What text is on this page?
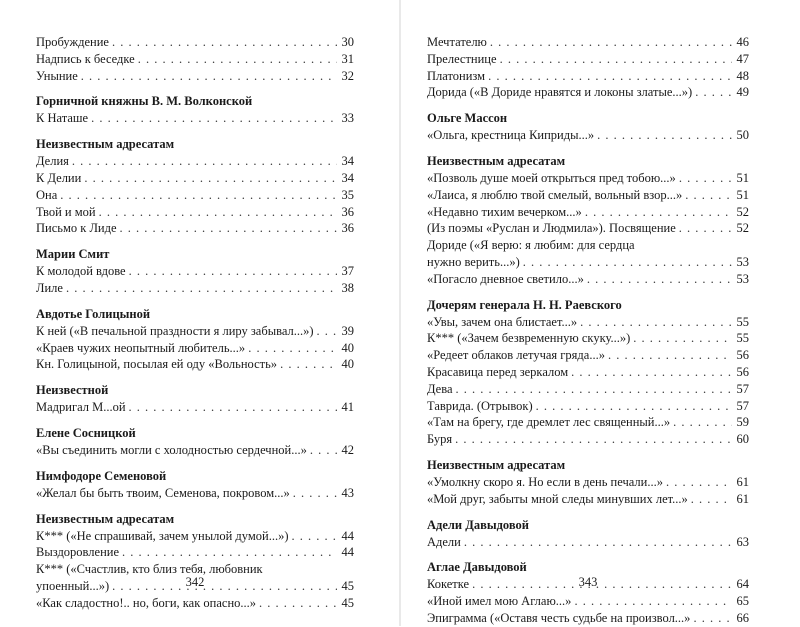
Пробуждение . . .	30
Надпись к беседке . . .	31
Уныние . . .	32
Горничной княжны В. М. Волконской
К Наташе . . .	33
Неизвестным адресатам
Делия . . .	34
К Делии . . .	34
Она . . .	35
Твой и мой . . .	36
Письмо к Лиде . . .	36
Марии Смит
К молодой вдове . . .	37
Лиле . . .	38
Авдотье Голицыной
К ней («В печальной праздности я лиру забывал...») . . . 39
«Краев чужих неопытный любитель...» . . .	40
Кн. Голицыной, посылая ей оду «Вольность» . . .	40
Неизвестной
Мадригал М...ой . . .	41
Елене Сосницкой
«Вы съединить могли с холодностью сердечной...» . . .	42
Нимфодоре Семеновой
«Желал бы быть твоим, Семенова, покровом...» . . .	43
Неизвестным адресатам
К*** («Не спрашивай, зачем унылой думой...») . . .	44
Выздоровление . . .	44
К*** («Счастлив, кто близ тебя, любовник
упоенный...») . . .	45
«Как сладостно!.. но, боги, как опасно...» . . .	45
342
Мечтателю . . .	46
Прелестнице . . .	47
Платонизм . . .	48
Дорида («В Дориде нравятся и локоны златые...») . . .	49
Ольге Массон
«Ольга, крестница Киприды...» . . .	50
Неизвестным адресатам
«Позволь душе моей открыться пред тобою...» . . .	51
«Лаиса, я люблю твой смелый, вольный взор...» . . .	51
«Недавно тихим вечерком...» . . .	52
(Из поэмы «Руслан и Людмила»). Посвящение . . .	52
Дориде («Я верю: я любим: для сердца
нужно верить...») . . .	53
«Погасло дневное светило...» . . .	53
Дочерям генерала Н. Н. Раевского
«Увы, зачем она блистает...» . . .	55
К*** («Зачем безвременную скуку...») . . .	55
«Редеет облаков летучая гряда...» . . .	56
Красавица перед зеркалом . . .	56
Дева . . .	57
Таврида. (Отрывок) . . .	57
«Там на брегу, где дремлет лес священный...» . . .	59
Буря . . .	60
Неизвестным адресатам
«Умолкну скоро я. Но если в день печали...» . . .	61
«Мой друг, забыты мной следы минувших лет...» . . .	61
Адели Давыдовой
Адели . . .	63
Аглае Давыдовой
Кокетке . . .	64
«Иной имел мою Аглаю...» . . .	65
Эпиграмма («Оставя честь судьбе на произвол...» . . .	66
343
